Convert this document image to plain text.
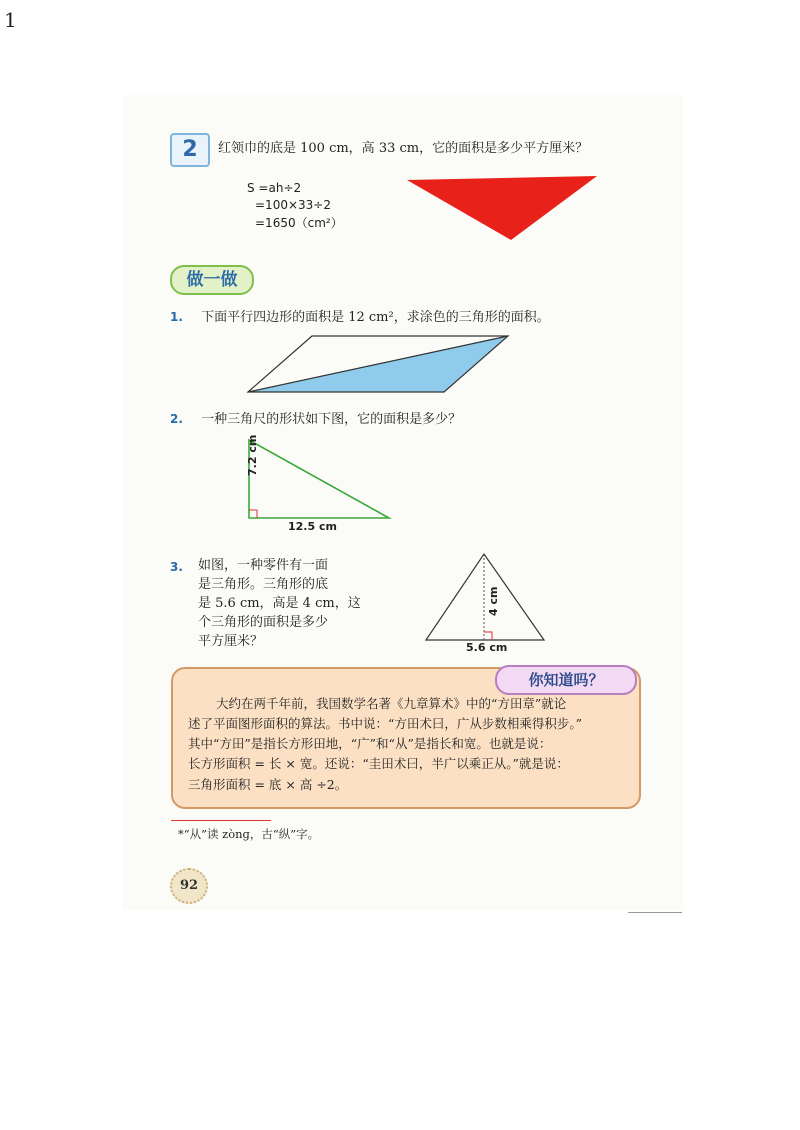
1
2	红领巾的底是 100 cm，高 33 cm，它的面积是多少平方厘米？
S =ah÷2
=100×33÷2
=1650（cm²）
做一做
1. 下面平行四边形的面积是 12 cm²，求涂色的三角形的面积。
2. 一种三角尺的形状如下图，它的面积是多少？
7.2 cm
12.5 cm
3. 如图，一种零件有一面
是三角形。三角形的底
是 5.6 cm，高是 4 cm，这
个三角形的面积是多少
平方厘米？
4 cm
5.6 cm
你知道吗？
大约在两千年前，我国数学名著《九章算术》中的“方田章”就论
述了平面图形面积的算法。书中说：“方田术曰，广从步数相乘得积步。”
其中“方田”是指长方形田地，“广”和“从”是指长和宽。也就是说：
长方形面积 = 长 × 宽。还说：“圭田术曰，半广以乘正从。”就是说：
三角形面积 = 底 × 高 ÷2。
*“从”读 zònɡ，古“纵”字。
92
